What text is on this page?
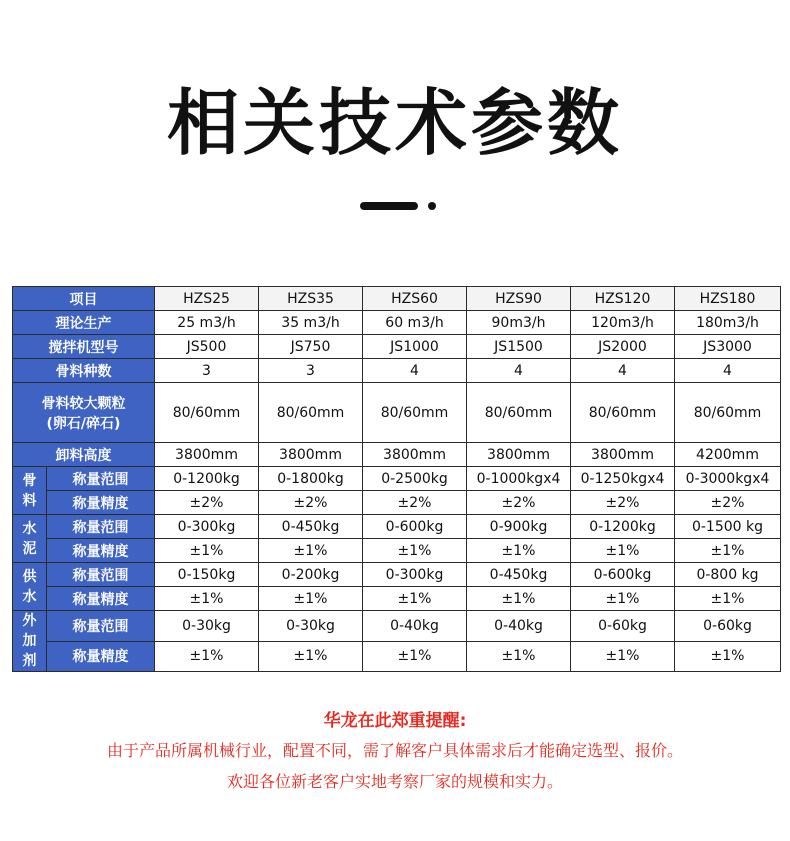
相关技术参数
项目		HZS25	HZS35	HZS60	HZS90	HZS120	HZS180
理论生产		25 m3/h	35 m3/h	60 m3/h	90m3/h	120m3/h	180m3/h
搅拌机型号		JS500	JS750	JS1000	JS1500	JS2000	JS3000
骨料种数		3	3	4	4	4	4

骨料较大颗粒
(卵石/碎石)		80/60mm	80/60mm	80/60mm	80/60mm	80/60mm	80/60mm
卸料高度		3800mm	3800mm	3800mm	3800mm	3800mm	4200mm

骨
料	称量范围	0-1200kg	0-1800kg	0-2500kg	0-1000kgx4	0-1250kgx4	0-3000kgx4
	称量精度	±2%	±2%	±2%	±2%	±2%	±2%

水
泥	称量范围	0-300kg	0-450kg	0-600kg	0-900kg	0-1200kg	0-1500 kg
	称量精度	±1%	±1%	±1%	±1%	±1%	±1%

供
水	称量范围	0-150kg	0-200kg	0-300kg	0-450kg	0-600kg	0-800 kg
	称量精度	±1%	±1%	±1%	±1%	±1%	±1%

外
加
剂	称量范围	0-30kg	0-30kg	0-40kg	0-40kg	0-60kg	0-60kg
	称量精度	±1%	±1%	±1%	±1%	±1%	±1%
华龙在此郑重提醒:
由于产品所属机械行业，配置不同，需了解客户具体需求后才能确定选型、报价。
欢迎各位新老客户实地考察厂家的规模和实力。
